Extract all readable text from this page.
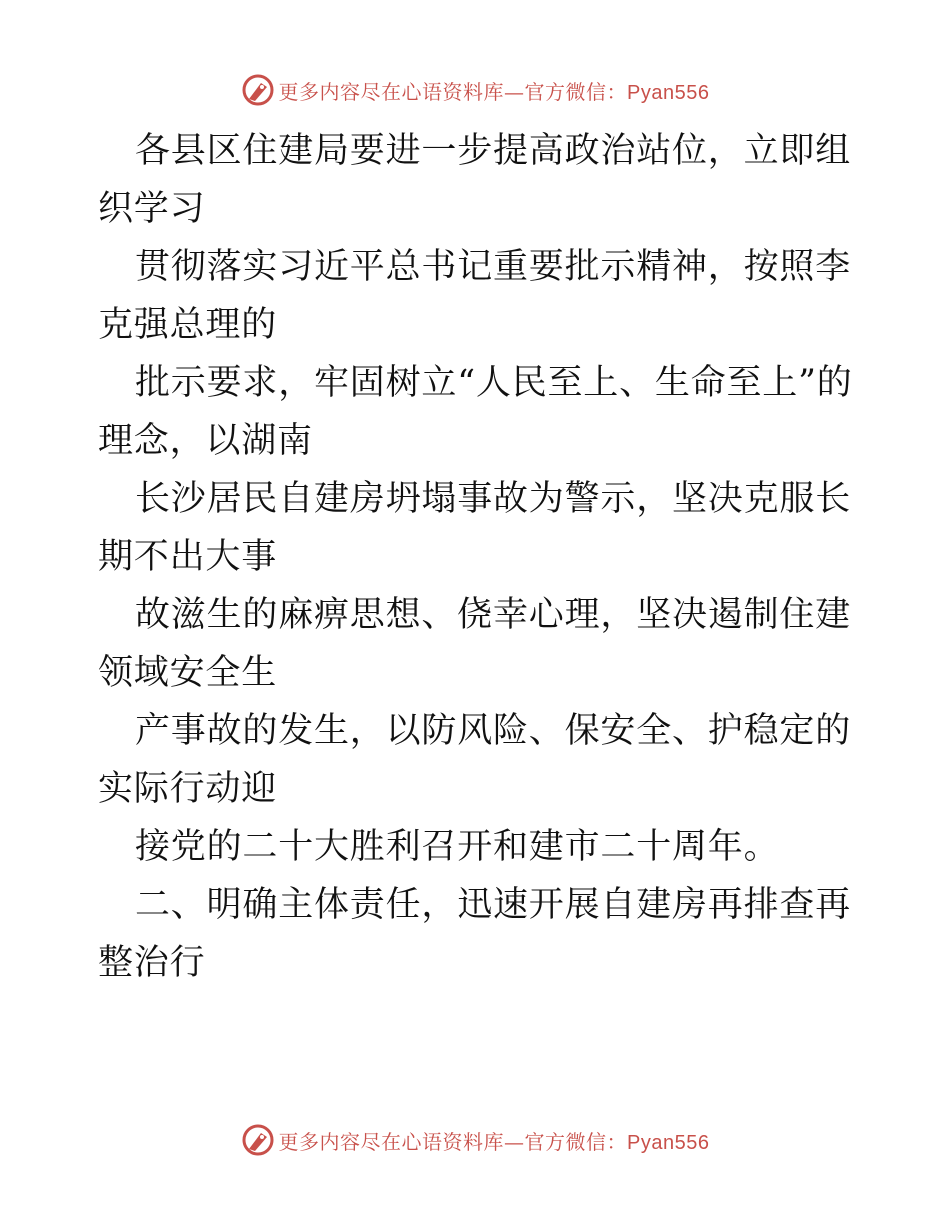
更多内容尽在心语资料库—官方微信：Pyan556

各县区住建局要进一步提高政治站位，立即组织学习

贯彻落实习近平总书记重要批示精神，按照李克强总理的

批示要求，牢固树立“人民至上、生命至上”的理念，以湖南

长沙居民自建房坍塌事故为警示，坚决克服长期不出大事

故滋生的麻痹思想、侥幸心理，坚决遏制住建领域安全生

产事故的发生，以防风险、保安全、护稳定的实际行动迎

接党的二十大胜利召开和建市二十周年。

二、明确主体责任，迅速开展自建房再排查再整治行

更多内容尽在心语资料库—官方微信：Pyan556
